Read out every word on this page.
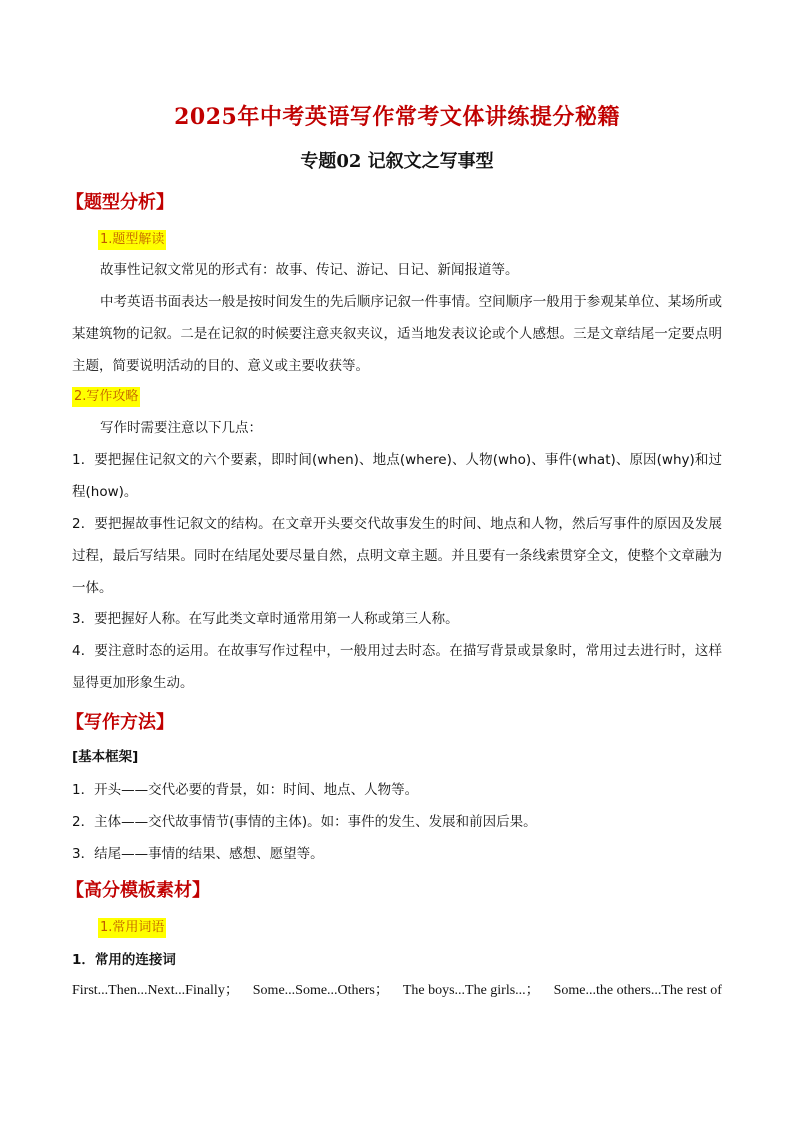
2025年中考英语写作常考文体讲练提分秘籍
专题02 记叙文之写事型
【题型分析】
1.题型解读
故事性记叙文常见的形式有：故事、传记、游记、日记、新闻报道等。
中考英语书面表达一般是按时间发生的先后顺序记叙一件事情。空间顺序一般用于参观某单位、某场所或某建筑物的记叙。二是在记叙的时候要注意夹叙夹议，适当地发表议论或个人感想。三是文章结尾一定要点明主题，简要说明活动的目的、意义或主要收获等。
2.写作攻略
写作时需要注意以下几点：
1．要把握住记叙文的六个要素，即时间(when)、地点(where)、人物(who)、事件(what)、原因(why)和过程(how)。
2．要把握故事性记叙文的结构。在文章开头要交代故事发生的时间、地点和人物，然后写事件的原因及发展过程，最后写结果。同时在结尾处要尽量自然，点明文章主题。并且要有一条线索贯穿全文，使整个文章融为一体。
3．要把握好人称。在写此类文章时通常用第一人称或第三人称。
4．要注意时态的运用。在故事写作过程中，一般用过去时态。在描写背景或景象时，常用过去进行时，这样显得更加形象生动。
【写作方法】
[基本框架]
1．开头——交代必要的背景，如：时间、地点、人物等。
2．主体——交代故事情节(事情的主体)。如：事件的发生、发展和前因后果。
3．结尾——事情的结果、感想、愿望等。
【高分模板素材】
1.常用词语
1．常用的连接词
First...Then...Next...Finally； Some...Some...Others； The boys...The girls...； Some...the others...The rest of
